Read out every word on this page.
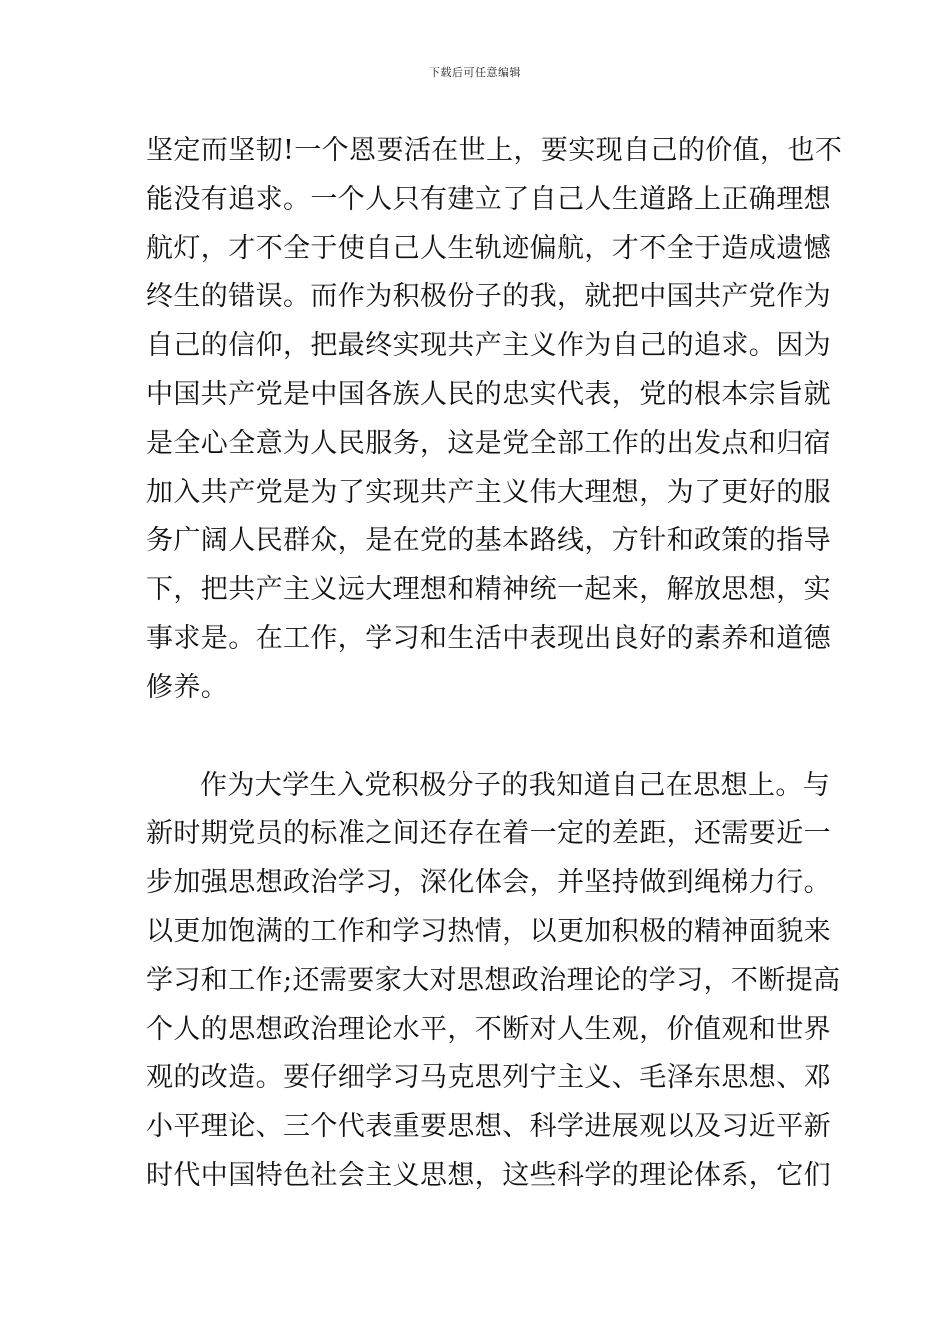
下载后可任意编辑
坚定而坚韧!一个恩要活在世上，要实现自己的价值，也不
能没有追求。一个人只有建立了自己人生道路上正确理想
航灯，才不全于使自己人生轨迹偏航，才不全于造成遗憾
终生的错误。而作为积极份子的我，就把中国共产党作为
自己的信仰，把最终实现共产主义作为自己的追求。因为
中国共产党是中国各族人民的忠实代表，党的根本宗旨就
是全心全意为人民服务，这是党全部工作的出发点和归宿
加入共产党是为了实现共产主义伟大理想，为了更好的服
务广阔人民群众，是在党的基本路线，方针和政策的指导
下，把共产主义远大理想和精神统一起来，解放思想，实
事求是。在工作，学习和生活中表现出良好的素养和道德
修养。
作为大学生入党积极分子的我知道自己在思想上。与
新时期党员的标准之间还存在着一定的差距，还需要近一
步加强思想政治学习，深化体会，并坚持做到绳梯力行。
以更加饱满的工作和学习热情，以更加积极的精神面貌来
学习和工作;还需要家大对思想政治理论的学习，不断提高
个人的思想政治理论水平，不断对人生观，价值观和世界
观的改造。要仔细学习马克思列宁主义、毛泽东思想、邓
小平理论、三个代表重要思想、科学进展观以及习近平新
时代中国特色社会主义思想，这些科学的理论体系，它们
